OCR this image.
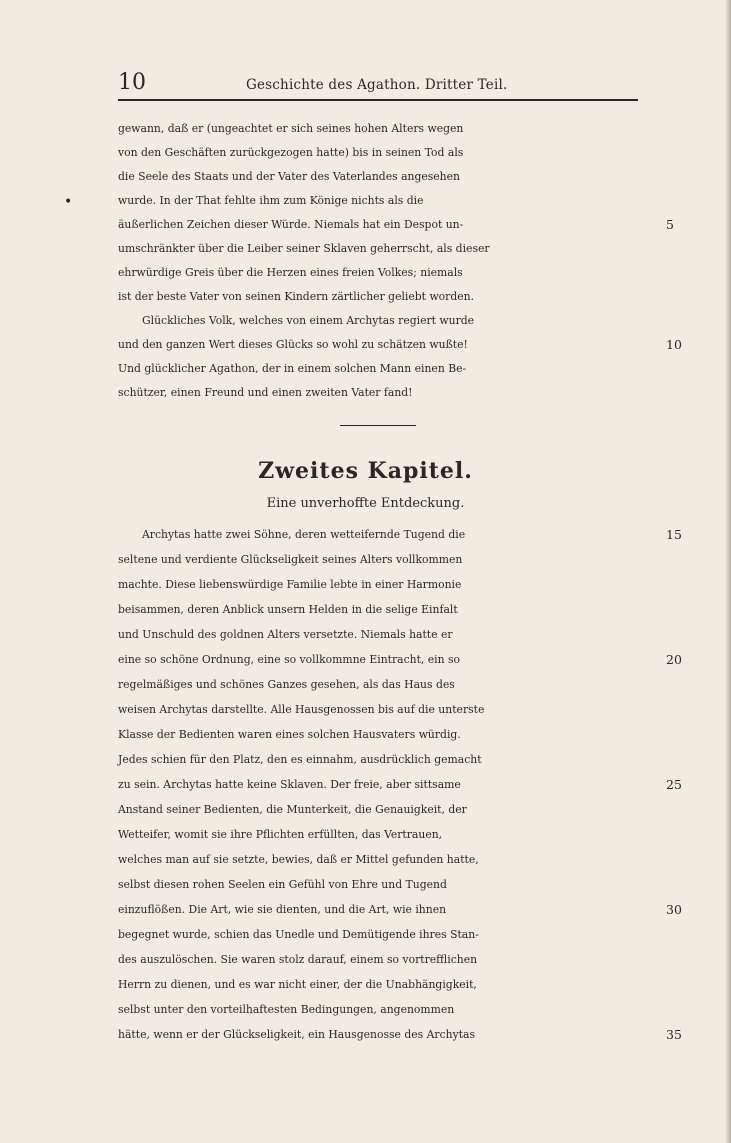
10	Geschichte des Agathon. Dritter Teil.
•
gewann, daß er (ungeachtet er sich seines hohen Alters wegen
von den Geschäften zurückgezogen hatte) bis in seinen Tod als
die Seele des Staats und der Vater des Vaterlandes angesehen
wurde. In der That fehlte ihm zum Könige nichts als die
äußerlichen Zeichen dieser Würde. Niemals hat ein Despot un-
umschränkter über die Leiber seiner Sklaven geherrscht, als dieser
ehrwürdige Greis über die Herzen eines freien Volkes; niemals
ist der beste Vater von seinen Kindern zärtlicher geliebt worden.
Glückliches Volk, welches von einem Archytas regiert wurde
und den ganzen Wert dieses Glücks so wohl zu schätzen wußte!
Und glücklicher Agathon, der in einem solchen Mann einen Be-
schützer, einen Freund und einen zweiten Vater fand!
Zweites Kapitel.
Eine unverhoffte Entdeckung.
Archytas hatte zwei Söhne, deren wetteifernde Tugend die
seltene und verdiente Glückseligkeit seines Alters vollkommen
machte. Diese liebenswürdige Familie lebte in einer Harmonie
beisammen, deren Anblick unsern Helden in die selige Einfalt
und Unschuld des goldnen Alters versetzte. Niemals hatte er
eine so schöne Ordnung, eine so vollkommne Eintracht, ein so
regelmäßiges und schönes Ganzes gesehen, als das Haus des
weisen Archytas darstellte. Alle Hausgenossen bis auf die unterste
Klasse der Bedienten waren eines solchen Hausvaters würdig.
Jedes schien für den Platz, den es einnahm, ausdrücklich gemacht
zu sein. Archytas hatte keine Sklaven. Der freie, aber sittsame
Anstand seiner Bedienten, die Munterkeit, die Genauigkeit, der
Wetteifer, womit sie ihre Pflichten erfüllten, das Vertrauen,
welches man auf sie setzte, bewies, daß er Mittel gefunden hatte,
selbst diesen rohen Seelen ein Gefühl von Ehre und Tugend
einzuflößen. Die Art, wie sie dienten, und die Art, wie ihnen
begegnet wurde, schien das Unedle und Demütigende ihres Stan-
des auszulöschen. Sie waren stolz darauf, einem so vortrefflichen
Herrn zu dienen, und es war nicht einer, der die Unabhängigkeit,
selbst unter den vorteilhaftesten Bedingungen, angenommen
hätte, wenn er der Glückseligkeit, ein Hausgenosse des Archytas
5
10
15
20
25
30
35
